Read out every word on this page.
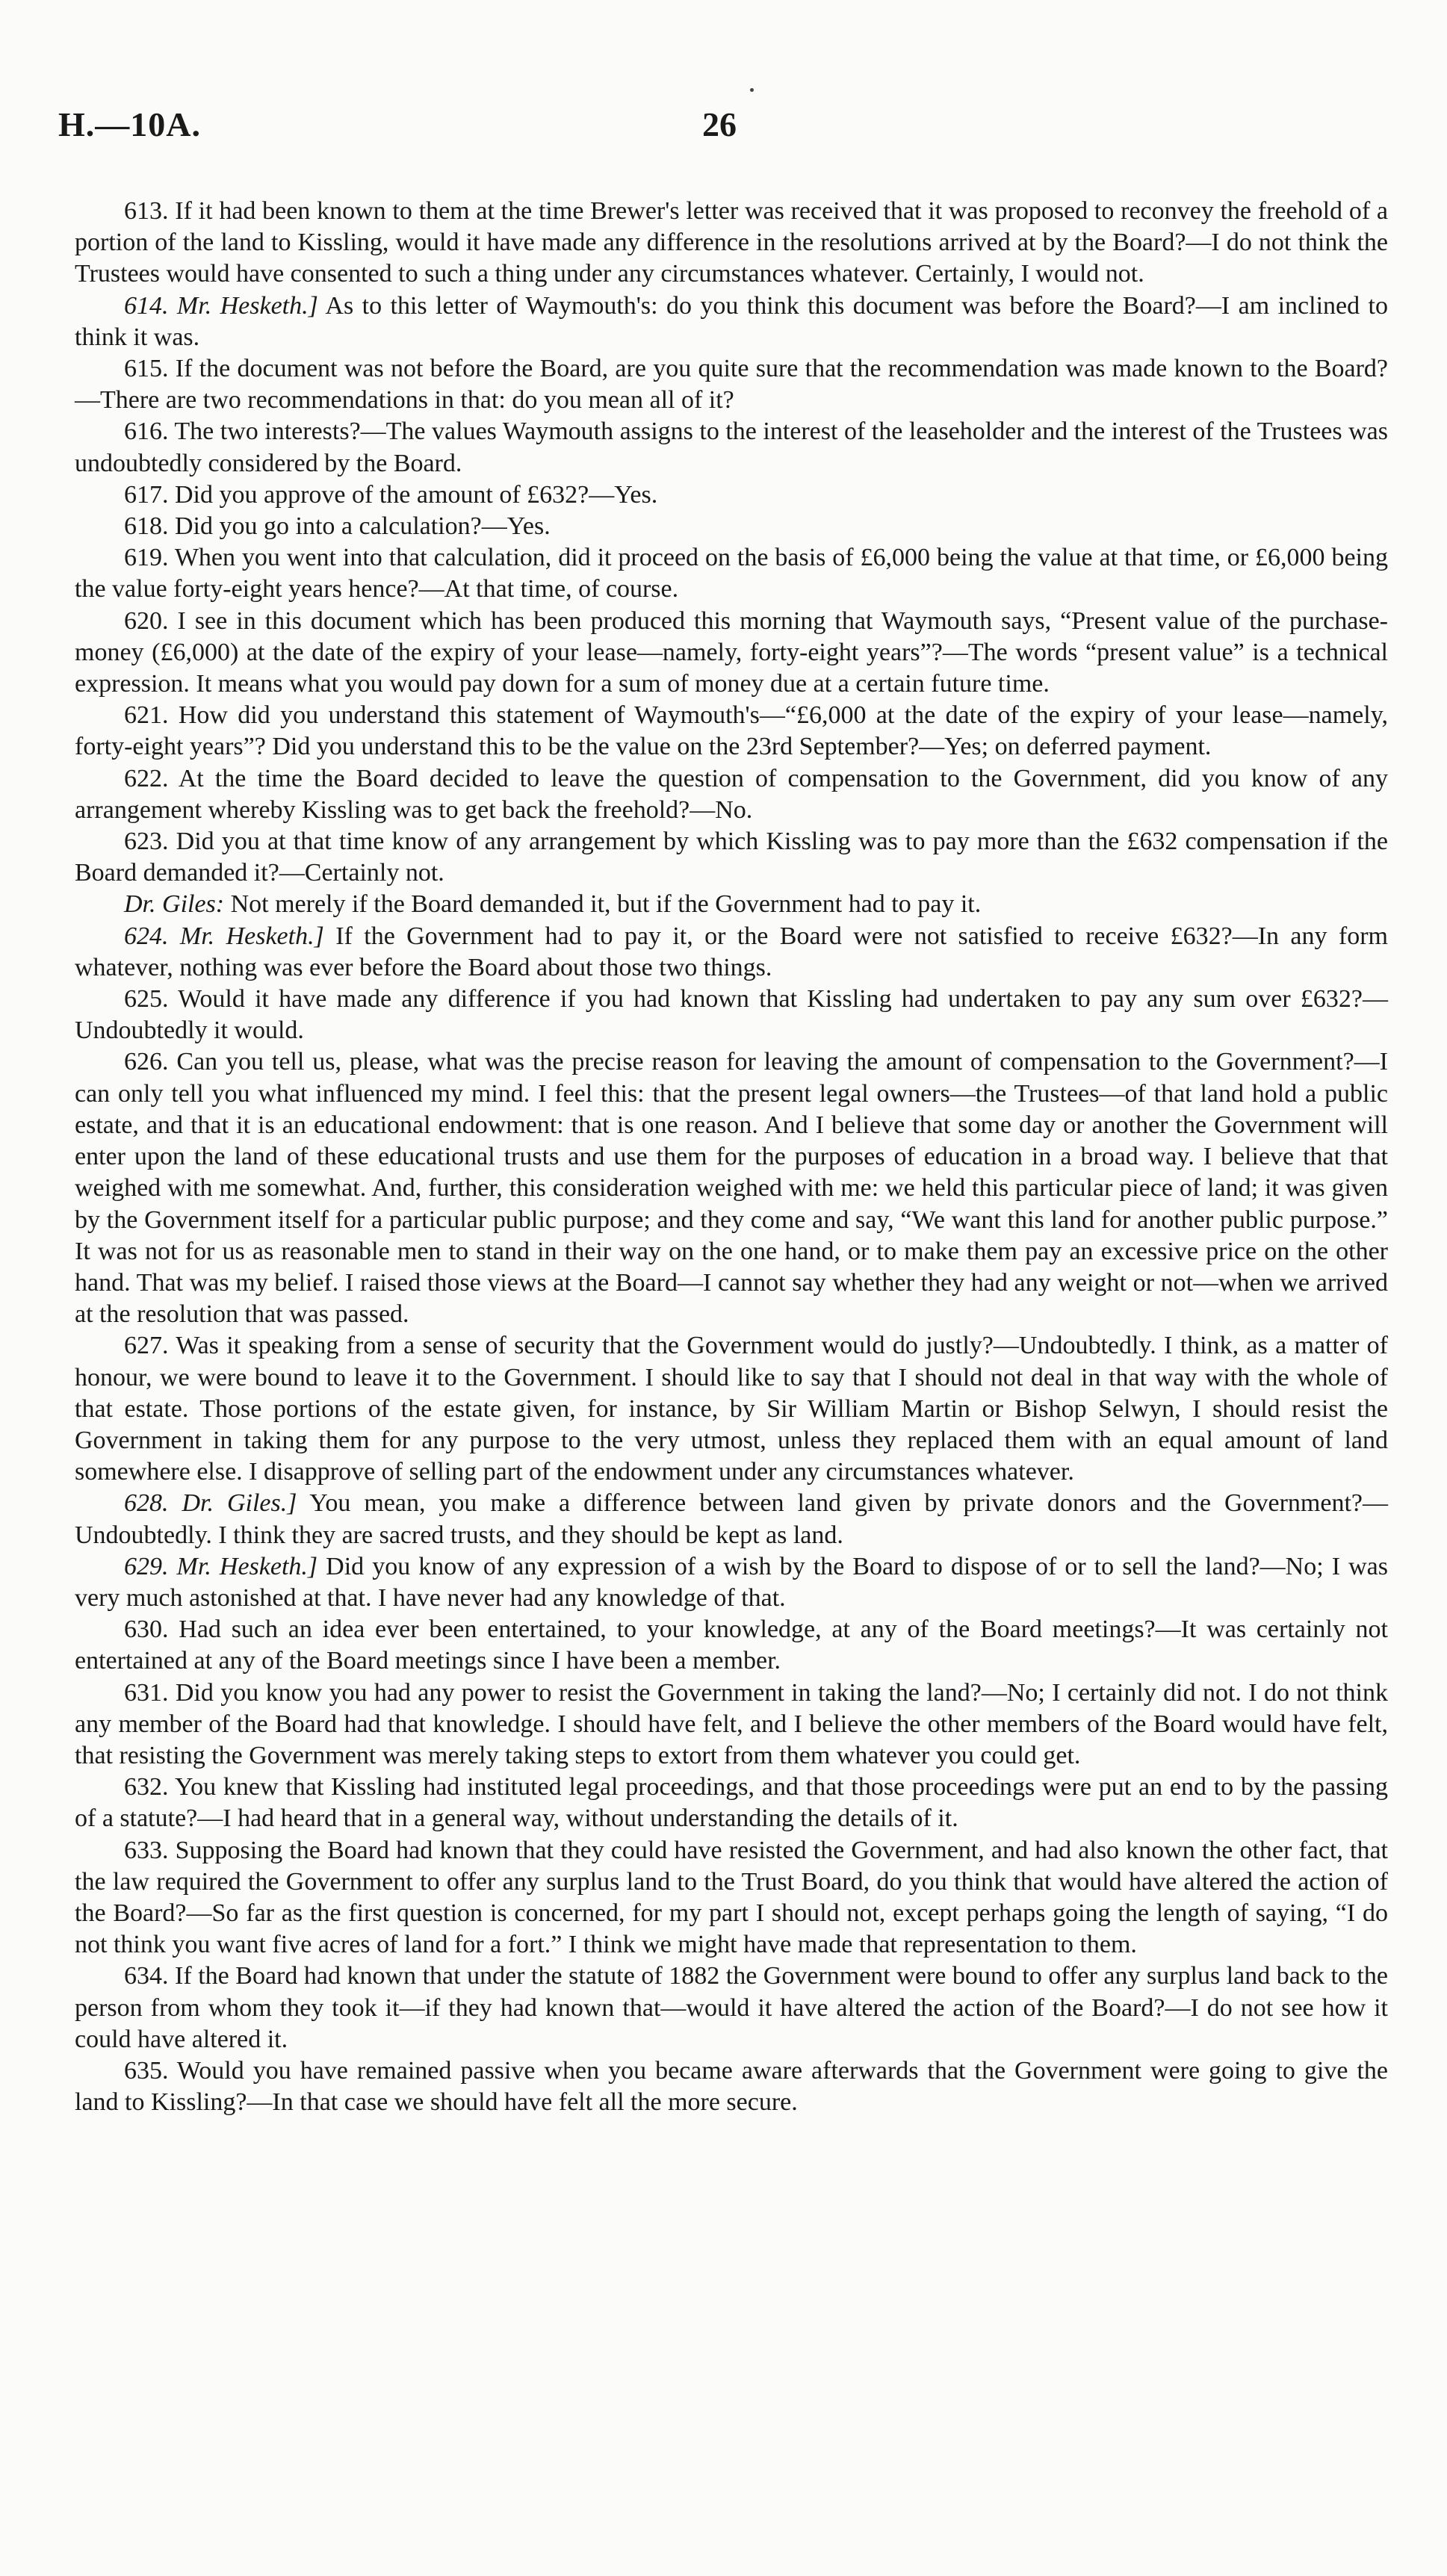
H.—10A.	26

613. If it had been known to them at the time Brewer's letter was received that it was proposed to reconvey the freehold of a portion of the land to Kissling, would it have made any difference in the resolutions arrived at by the Board?—I do not think the Trustees would have consented to such a thing under any circumstances whatever. Certainly, I would not.

614. Mr. Hesketh.] As to this letter of Waymouth's: do you think this document was before the Board?—I am inclined to think it was.

615. If the document was not before the Board, are you quite sure that the recommendation was made known to the Board?—There are two recommendations in that: do you mean all of it?

616. The two interests?—The values Waymouth assigns to the interest of the leaseholder and the interest of the Trustees was undoubtedly considered by the Board.

617. Did you approve of the amount of £632?—Yes.

618. Did you go into a calculation?—Yes.

619. When you went into that calculation, did it proceed on the basis of £6,000 being the value at that time, or £6,000 being the value forty-eight years hence?—At that time, of course.

620. I see in this document which has been produced this morning that Waymouth says, “Present value of the purchase-money (£6,000) at the date of the expiry of your lease—namely, forty-eight years”?—The words “present value” is a technical expression. It means what you would pay down for a sum of money due at a certain future time.

621. How did you understand this statement of Waymouth's—“£6,000 at the date of the expiry of your lease—namely, forty-eight years”? Did you understand this to be the value on the 23rd September?—Yes; on deferred payment.

622. At the time the Board decided to leave the question of compensation to the Government, did you know of any arrangement whereby Kissling was to get back the freehold?—No.

623. Did you at that time know of any arrangement by which Kissling was to pay more than the £632 compensation if the Board demanded it?—Certainly not.

Dr. Giles: Not merely if the Board demanded it, but if the Government had to pay it.

624. Mr. Hesketh.] If the Government had to pay it, or the Board were not satisfied to receive £632?—In any form whatever, nothing was ever before the Board about those two things.

625. Would it have made any difference if you had known that Kissling had undertaken to pay any sum over £632?—Undoubtedly it would.

626. Can you tell us, please, what was the precise reason for leaving the amount of compensation to the Government?—I can only tell you what influenced my mind. I feel this: that the present legal owners—the Trustees—of that land hold a public estate, and that it is an educational endowment: that is one reason. And I believe that some day or another the Government will enter upon the land of these educational trusts and use them for the purposes of education in a broad way. I believe that that weighed with me somewhat. And, further, this consideration weighed with me: we held this particular piece of land; it was given by the Government itself for a particular public purpose; and they come and say, “We want this land for another public purpose.” It was not for us as reasonable men to stand in their way on the one hand, or to make them pay an excessive price on the other hand. That was my belief. I raised those views at the Board—I cannot say whether they had any weight or not—when we arrived at the resolution that was passed.

627. Was it speaking from a sense of security that the Government would do justly?—Undoubtedly. I think, as a matter of honour, we were bound to leave it to the Government. I should like to say that I should not deal in that way with the whole of that estate. Those portions of the estate given, for instance, by Sir William Martin or Bishop Selwyn, I should resist the Government in taking them for any purpose to the very utmost, unless they replaced them with an equal amount of land somewhere else. I disapprove of selling part of the endowment under any circumstances whatever.

628. Dr. Giles.] You mean, you make a difference between land given by private donors and the Government?—Undoubtedly. I think they are sacred trusts, and they should be kept as land.

629. Mr. Hesketh.] Did you know of any expression of a wish by the Board to dispose of or to sell the land?—No; I was very much astonished at that. I have never had any knowledge of that.

630. Had such an idea ever been entertained, to your knowledge, at any of the Board meetings?—It was certainly not entertained at any of the Board meetings since I have been a member.

631. Did you know you had any power to resist the Government in taking the land?—No; I certainly did not. I do not think any member of the Board had that knowledge. I should have felt, and I believe the other members of the Board would have felt, that resisting the Government was merely taking steps to extort from them whatever you could get.

632. You knew that Kissling had instituted legal proceedings, and that those proceedings were put an end to by the passing of a statute?—I had heard that in a general way, without understanding the details of it.

633. Supposing the Board had known that they could have resisted the Government, and had also known the other fact, that the law required the Government to offer any surplus land to the Trust Board, do you think that would have altered the action of the Board?—So far as the first question is concerned, for my part I should not, except perhaps going the length of saying, “I do not think you want five acres of land for a fort.” I think we might have made that representation to them.

634. If the Board had known that under the statute of 1882 the Government were bound to offer any surplus land back to the person from whom they took it—if they had known that—would it have altered the action of the Board?—I do not see how it could have altered it.

635. Would you have remained passive when you became aware afterwards that the Government were going to give the land to Kissling?—In that case we should have felt all the more secure.
